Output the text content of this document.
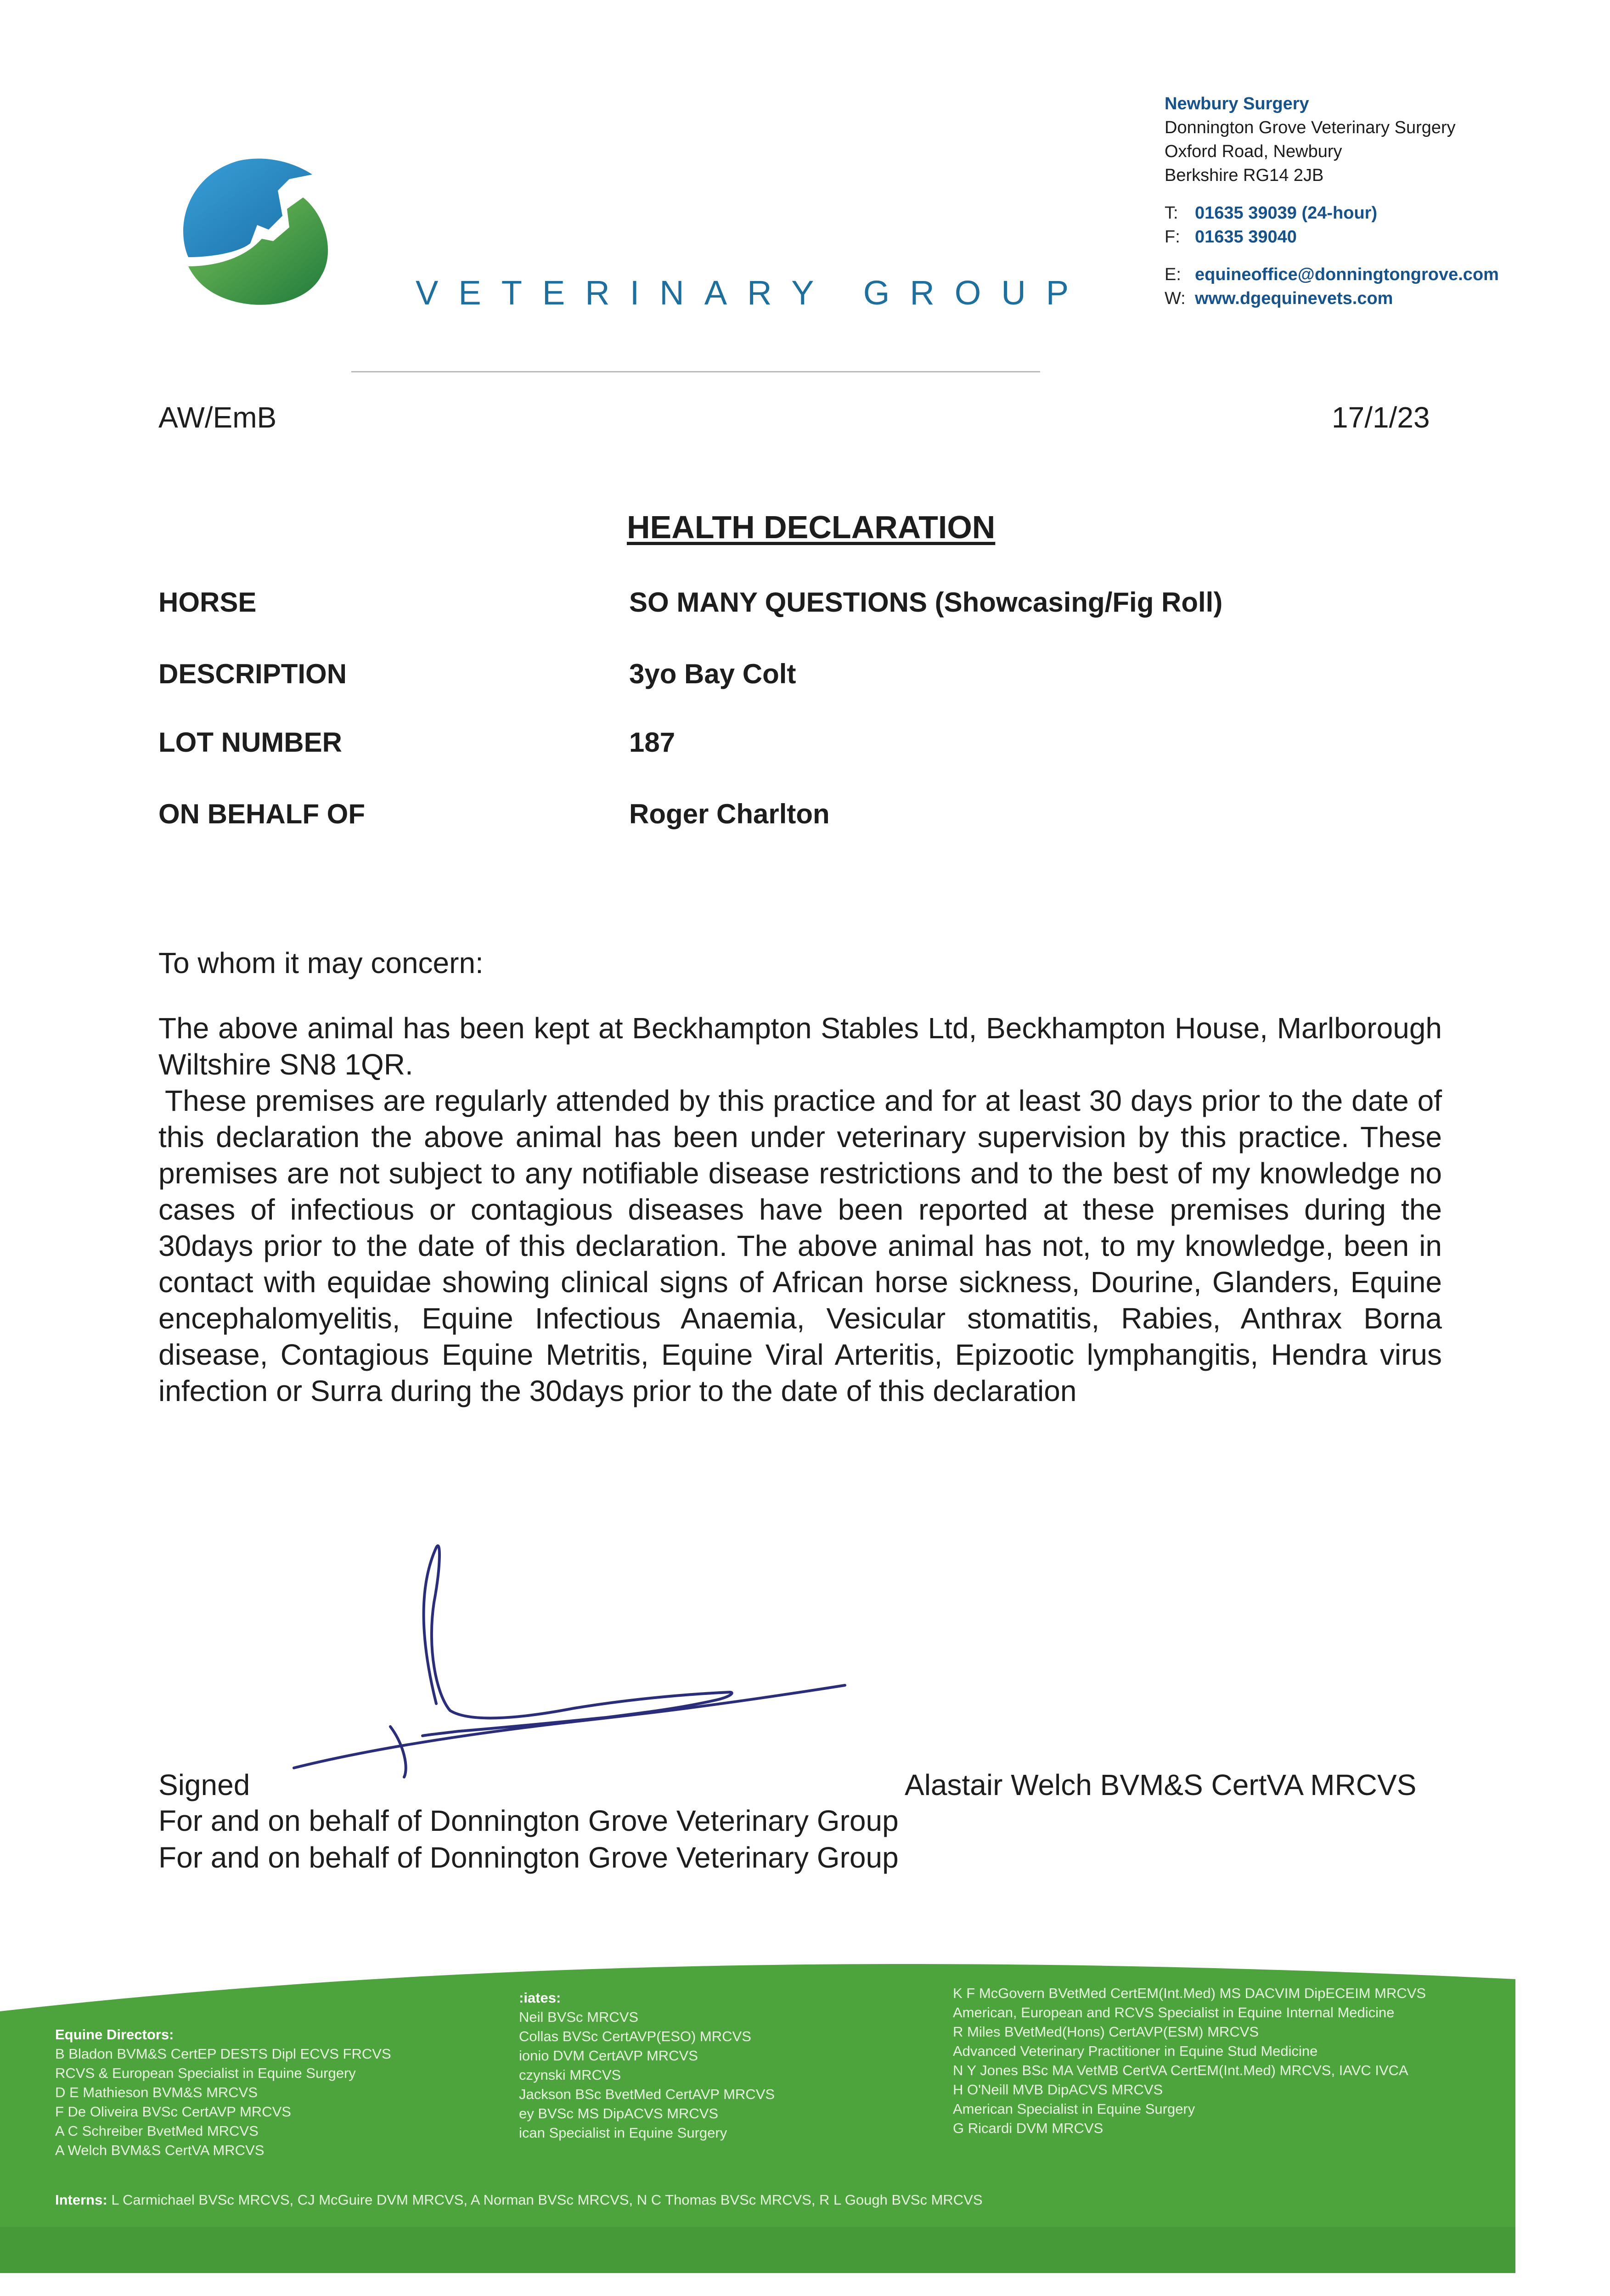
VETERINARY GROUP
Newbury Surgery
Donnington Grove Veterinary Surgery
Oxford Road, Newbury
Berkshire RG14 2JB
T: 01635 39039 (24-hour)
F: 01635 39040
E: equineoffice@donningtongrove.com
W: www.dgequinevets.com
AW/EmB	17/1/23
HEALTH DECLARATION
HORSE	SO MANY QUESTIONS (Showcasing/Fig Roll)
DESCRIPTION	3yo Bay Colt
LOT NUMBER	187
ON BEHALF OF	Roger Charlton
To whom it may concern:
The above animal has been kept at Beckhampton Stables Ltd, Beckhampton House, Marlborough Wiltshire SN8 1QR.
These premises are regularly attended by this practice and for at least 30 days prior to the date of this declaration the above animal has been under veterinary supervision by this practice. These premises are not subject to any notifiable disease restrictions and to the best of my knowledge no cases of infectious or contagious diseases have been reported at these premises during the 30days prior to the date of this declaration. The above animal has not, to my knowledge, been in contact with equidae showing clinical signs of African horse sickness, Dourine, Glanders, Equine encephalomyelitis, Equine Infectious Anaemia, Vesicular stomatitis, Rabies, Anthrax Borna disease, Contagious Equine Metritis, Equine Viral Arteritis, Epizootic lymphangitis, Hendra virus infection or Surra during the 30days prior to the date of this declaration
Signed	Alastair Welch BVM&S CertVA MRCVS
For and on behalf of Donnington Grove Veterinary Group
For and on behalf of Donnington Grove Veterinary Group
Equine Directors:
B Bladon BVM&S CertEP DESTS Dipl ECVS FRCVS
RCVS & European Specialist in Equine Surgery
D E Mathieson BVM&S MRCVS
F De Oliveira BVSc CertAVP MRCVS
A C Schreiber BvetMed MRCVS
A Welch BVM&S CertVA MRCVS
:iates:
Neil BVSc MRCVS
Collas BVSc CertAVP(ESO) MRCVS
ionio DVM CertAVP MRCVS
czynski MRCVS
Jackson BSc BvetMed CertAVP MRCVS
ey BVSc MS DipACVS MRCVS
ican Specialist in Equine Surgery
K F McGovern BVetMed CertEM(Int.Med) MS DACVIM DipECEIM MRCVS
American, European and RCVS Specialist in Equine Internal Medicine
R Miles BVetMed(Hons) CertAVP(ESM) MRCVS
Advanced Veterinary Practitioner in Equine Stud Medicine
N Y Jones BSc MA VetMB CertVA CertEM(Int.Med) MRCVS, IAVC IVCA
H O'Neill MVB DipACVS MRCVS
American Specialist in Equine Surgery
G Ricardi DVM MRCVS
Interns: L Carmichael BVSc MRCVS, CJ McGuire DVM MRCVS, A Norman BVSc MRCVS, N C Thomas BVSc MRCVS, R L Gough BVSc MRCVS
